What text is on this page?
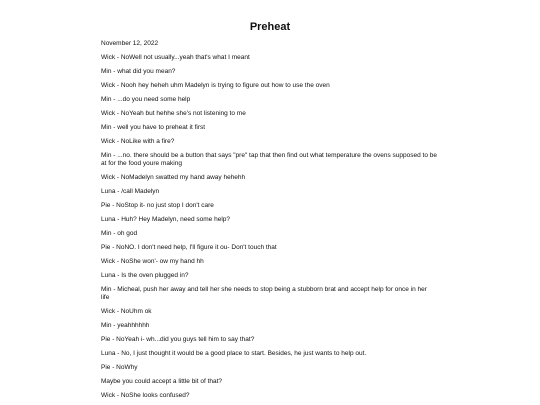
Preheat
November 12, 2022
Wick - NoWell not usually...yeah that's what I meant
Min - what did you mean?
Wick - Nooh hey heheh uhm Madelyn is trying to figure out how to use the oven
Min - ...do you need some help
Wick - NoYeah but hehhe she's not listening to me
Min - well you have to preheat it first
Wick - NoLike with a fire?
Min - ...no. there should be a button that says "pre" tap that then find out what temperature the ovens supposed to be at for the food youre making
Wick - NoMadelyn swatted my hand away hehehh
Luna - /call Madelyn
Pie - NoStop it- no just stop I don't care
Luna - Huh? Hey Madelyn, need some help?
Min - oh god
Pie - NoNO. I don't need help, I'll figure it ou- Don't touch that
Wick - NoShe won'- ow my hand hh
Luna - Is the oven plugged in?
Min - Micheal, push her away and tell her she needs to stop being a stubborn brat and accept help for once in her life
Wick - NoUhm ok
Min - yeahhhhhh
Pie - NoYeah i- wh...did you guys tell him to say that?
Luna - No, I just thought it would be a good place to start. Besides, he just wants to help out.
Pie - NoWhy
Maybe you could accept a little bit of that?
Wick - NoShe looks confused?
